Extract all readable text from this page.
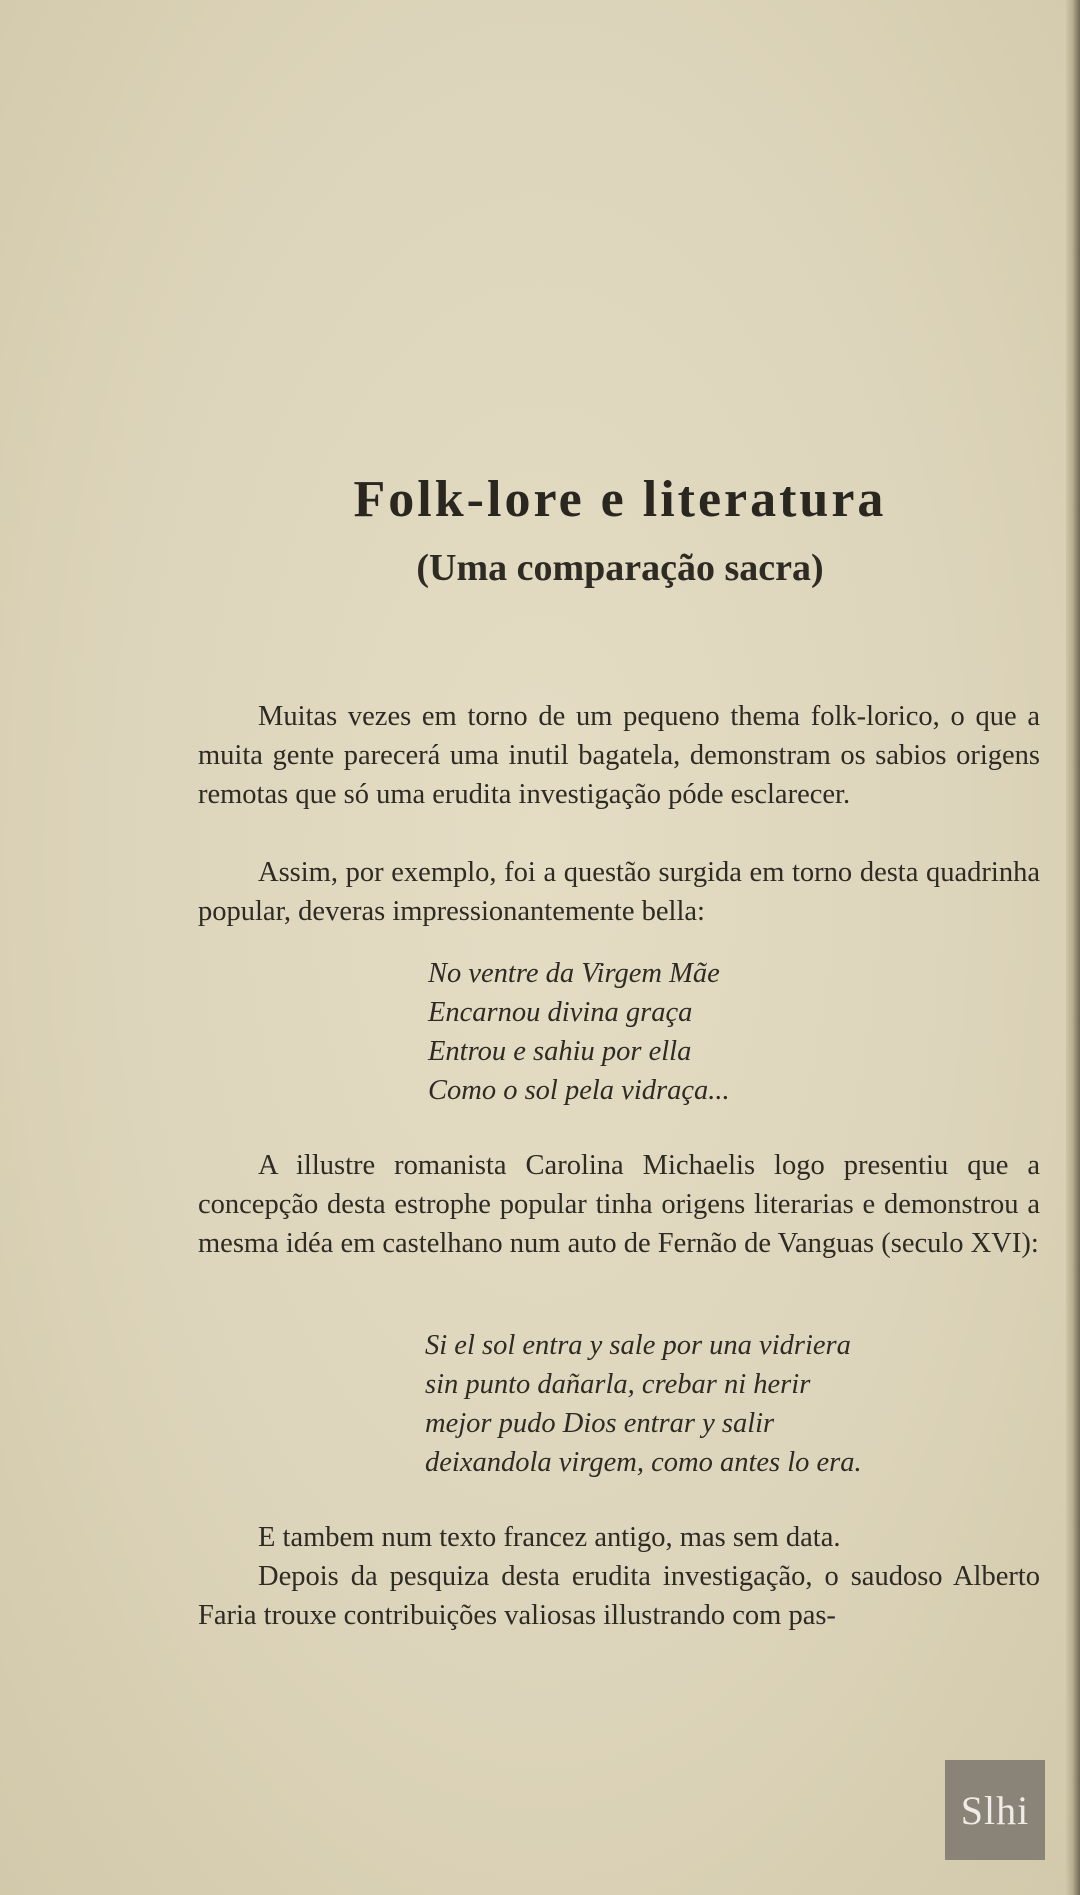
Folk-lore e literatura
(Uma comparação sacra)

Muitas vezes em torno de um pequeno thema folk-lorico, o que a muita gente parecerá uma inutil bagatela, demonstram os sabios origens remotas que só uma erudita investigação póde esclarecer.

Assim, por exemplo, foi a questão surgida em torno desta quadrinha popular, deveras impressionantemente bella:

No ventre da Virgem Mãe
Encarnou divina graça
Entrou e sahiu por ella
Como o sol pela vidraça...

A illustre romanista Carolina Michaelis logo presentiu que a concepção desta estrophe popular tinha origens literarias e demonstrou a mesma idéa em castelhano num auto de Fernão de Vanguas (seculo XVI):

Si el sol entra y sale por una vidriera
sin punto dañarla, crebar ni herir
mejor pudo Dios entrar y salir
deixandola virgem, como antes lo era.

E tambem num texto francez antigo, mas sem data.

Depois da pesquiza desta erudita investigação, o saudoso Alberto Faria trouxe contribuições valiosas illustrando com pas-

Slhi
